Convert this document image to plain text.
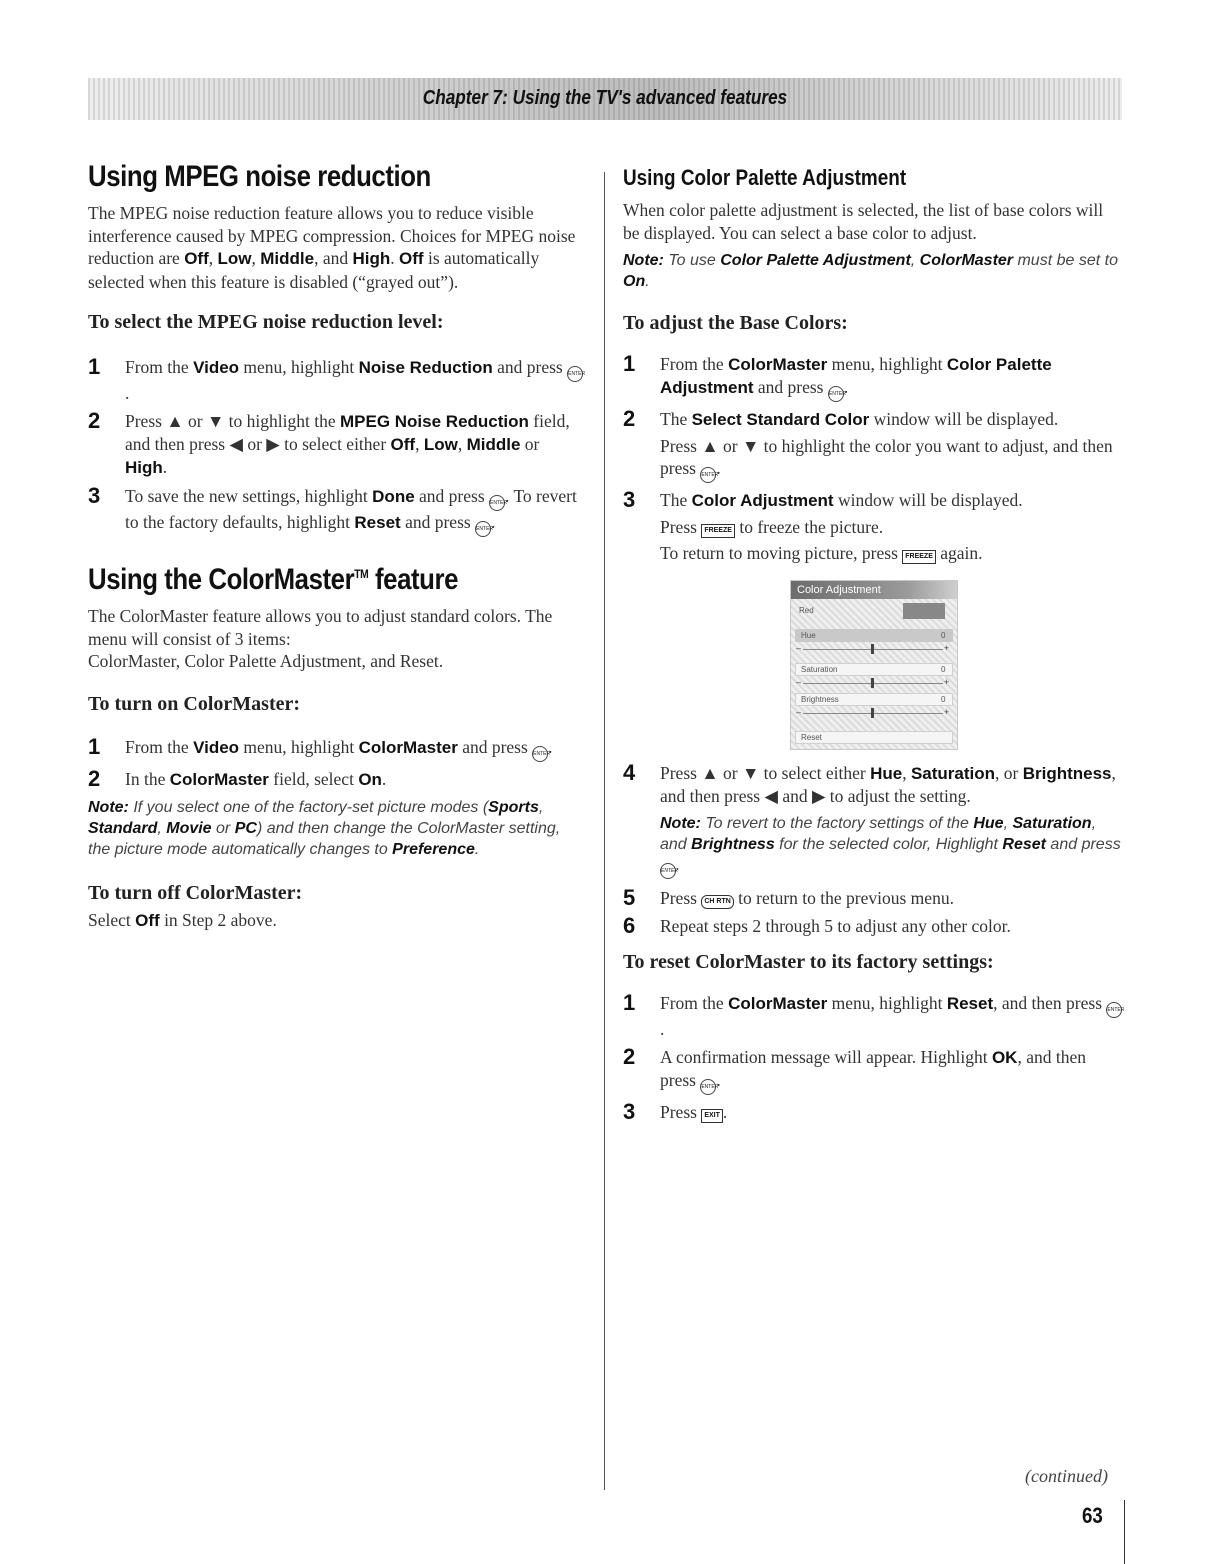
Chapter 7: Using the TV's advanced features
Using MPEG noise reduction

The MPEG noise reduction feature allows you to reduce visible interference caused by MPEG compression. Choices for MPEG noise reduction are Off, Low, Middle, and High. Off is automatically selected when this feature is disabled (“grayed out”).

To select the MPEG noise reduction level:
1 From the Video menu, highlight Noise Reduction and press ENTER.

2 Press ▲ or ▼ to highlight the MPEG Noise Reduction field, and then press ◀ or ▶ to select either Off, Low, Middle or High.

3 To save the new settings, highlight Done and press ENTER. To revert to the factory defaults, highlight Reset and press ENTER.

Using the ColorMaster™ feature

The ColorMaster feature allows you to adjust standard colors. The menu will consist of 3 items:

ColorMaster, Color Palette Adjustment, and Reset.

To turn on ColorMaster:
1 From the Video menu, highlight ColorMaster and press ENTER.

2 In the ColorMaster field, select On.

Note: If you select one of the factory-set picture modes (Sports, Standard, Movie or PC) and then change the ColorMaster setting, the picture mode automatically changes to Preference.

To turn off ColorMaster:

Select Off in Step 2 above.

Using Color Palette Adjustment

When color palette adjustment is selected, the list of base colors will be displayed. You can select a base color to adjust.

Note: To use Color Palette Adjustment, ColorMaster must be set to On.

To adjust the Base Colors:
1 From the ColorMaster menu, highlight Color Palette Adjustment and press ENTER.

2 The Select Standard Color window will be displayed.

Press ▲ or ▼ to highlight the color you want to adjust, and then press ENTER.

3 The Color Adjustment window will be displayed.

Press FREEZE to freeze the picture.

To return to moving picture, press FREEZE again.

Color Adjustment
Red
Hue	0
–	+
Saturation	0
–	+
Brightness	0
–	+
Reset
4 Press ▲ or ▼ to select either Hue, Saturation, or Brightness, and then press ◀ and ▶ to adjust the setting.

Note: To revert to the factory settings of the Hue, Saturation, and Brightness for the selected color, Highlight Reset and press ENTER.

5 Press CH RTN to return to the previous menu.

6 Repeat steps 2 through 5 to adjust any other color.

To reset ColorMaster to its factory settings:
1 From the ColorMaster menu, highlight Reset, and then press ENTER.

2 A confirmation message will appear. Highlight OK, and then press ENTER.

3 Press EXIT .

(continued)
63
